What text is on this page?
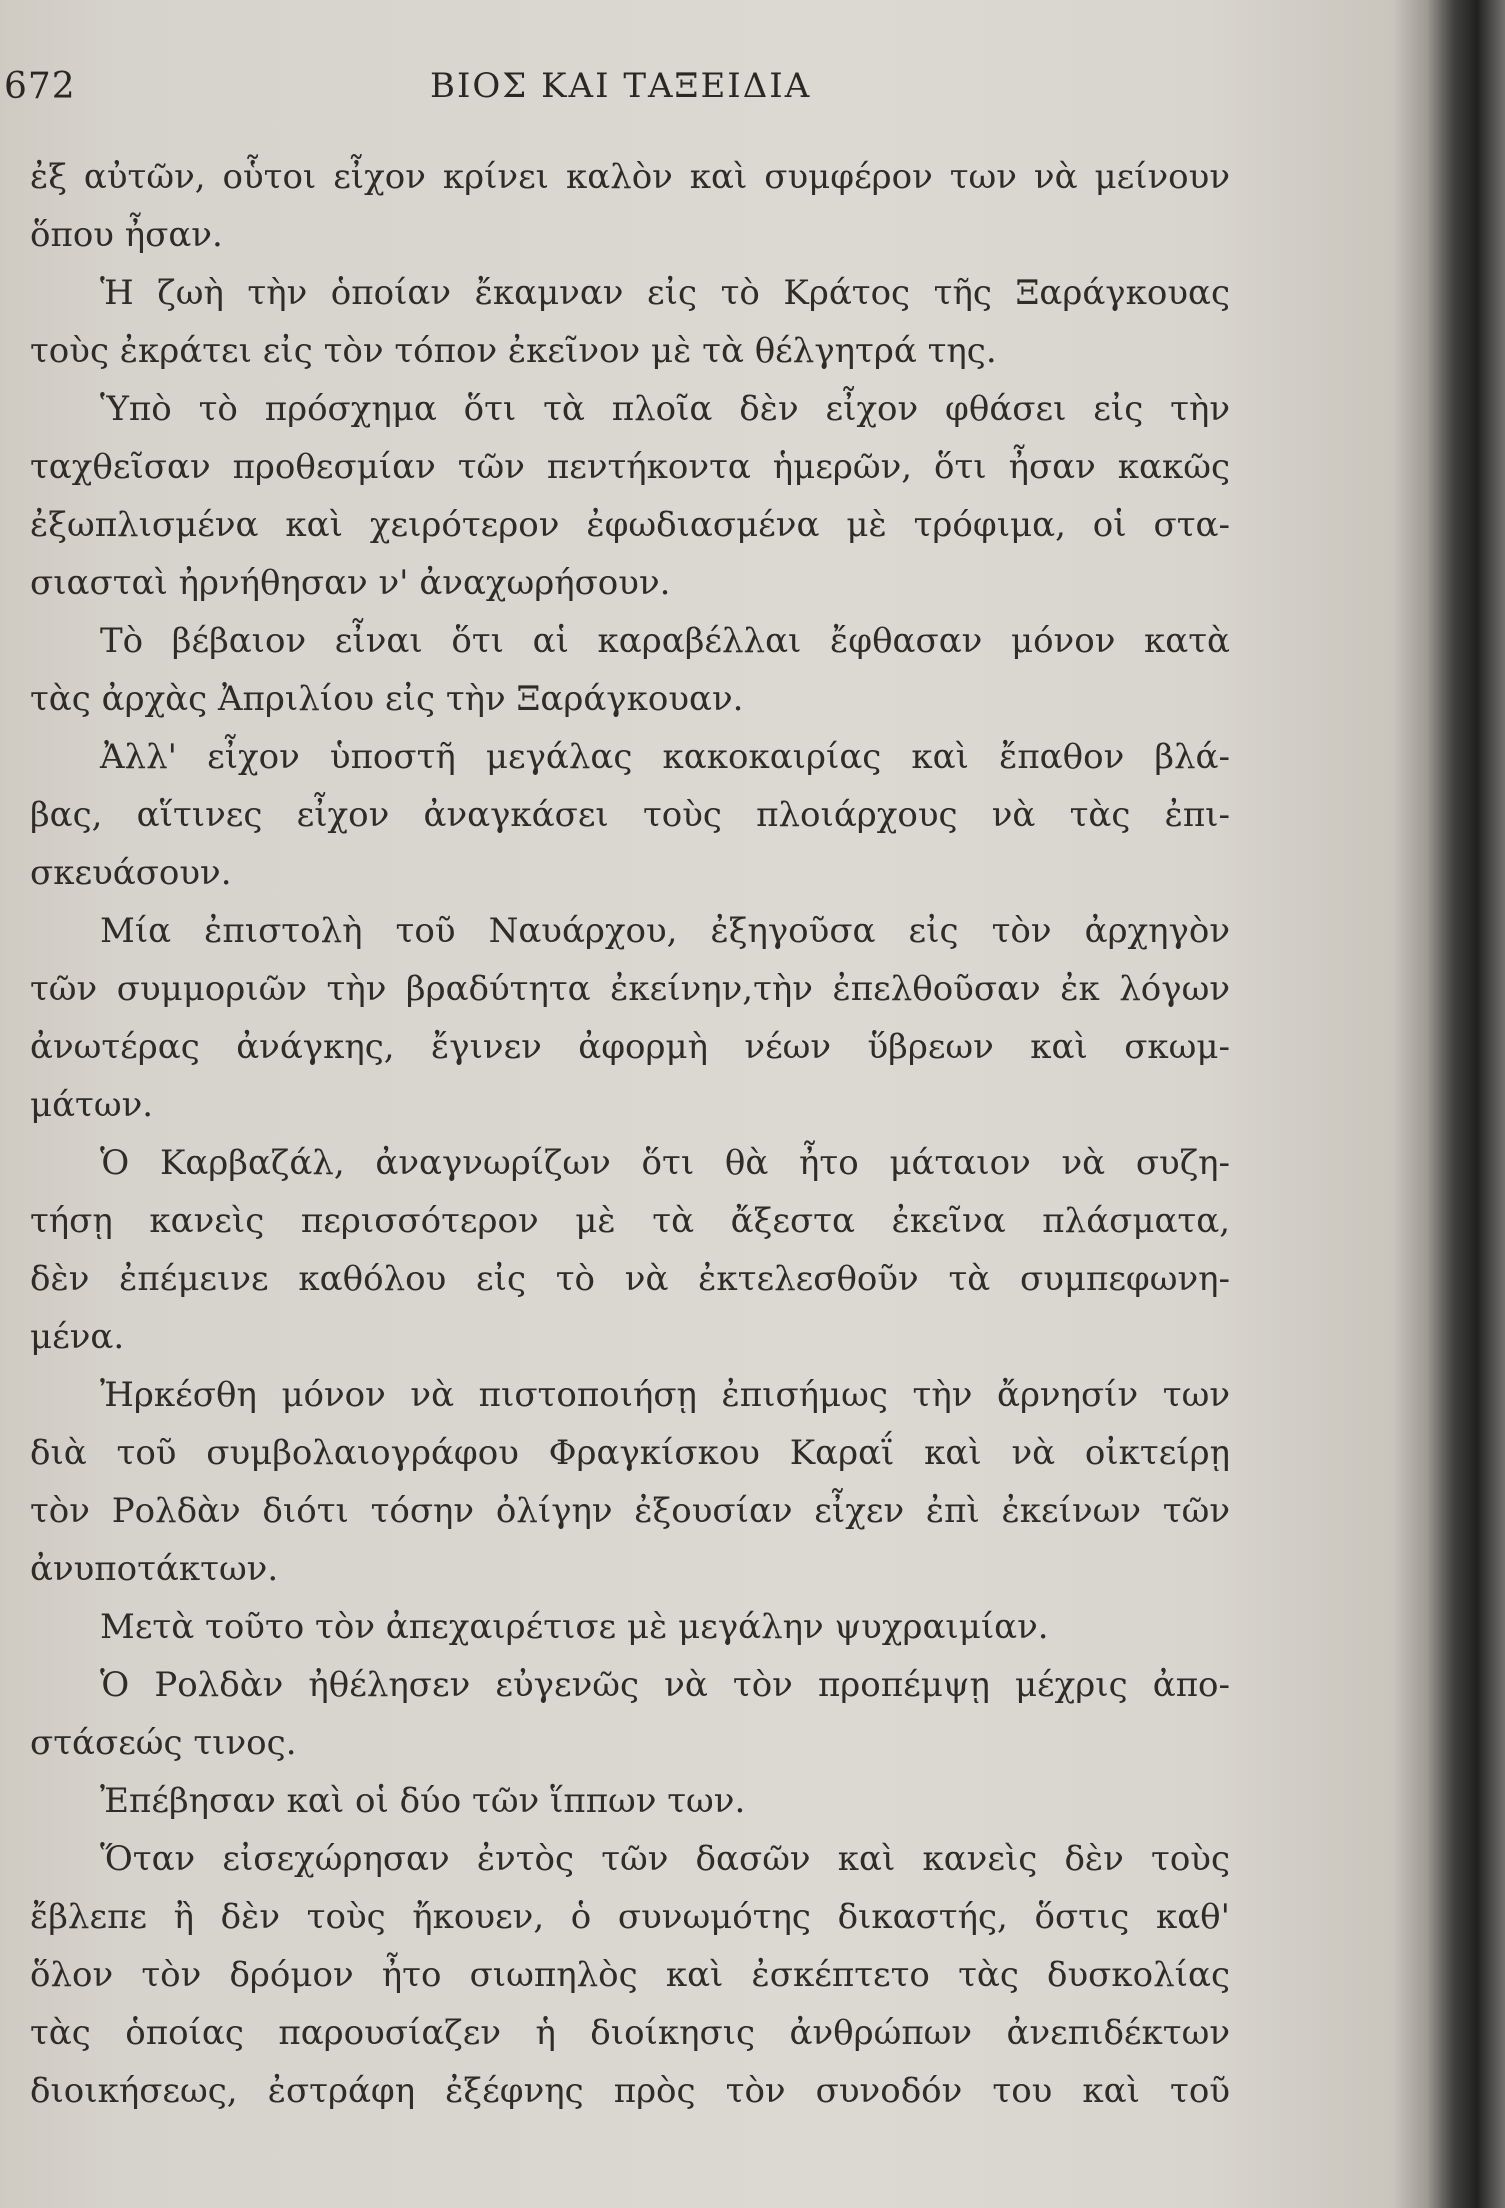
672	ΒΙΟΣ ΚΑΙ ΤΑΞΕΙΔΙΑ
ἐξ αὐτῶν, οὗτοι εἶχον κρίνει καλὸν καὶ συμφέρον των νὰ μείνουν
ὅπου ἦσαν.
Ἡ ζωὴ τὴν ὁποίαν ἔκαμναν εἰς τὸ Κράτος τῆς Ξαράγκουας
τοὺς ἐκράτει εἰς τὸν τόπον ἐκεῖνον μὲ τὰ θέλγητρά της.
Ὑπὸ τὸ πρόσχημα ὅτι τὰ πλοῖα δὲν εἶχον φθάσει εἰς τὴν
ταχθεῖσαν προθεσμίαν τῶν πεντήκοντα ἡμερῶν, ὅτι ἦσαν κακῶς
ἐξωπλισμένα καὶ χειρότερον ἐφωδιασμένα μὲ τρόφιμα, οἱ στα-
σιασταὶ ἠρνήθησαν ν' ἀναχωρήσουν.
Τὸ βέβαιον εἶναι ὅτι αἱ καραβέλλαι ἔφθασαν μόνον κατὰ
τὰς ἀρχὰς Ἀπριλίου εἰς τὴν Ξαράγκουαν.
Ἀλλ' εἶχον ὑποστῆ μεγάλας κακοκαιρίας καὶ ἔπαθον βλά-
βας, αἵτινες εἶχον ἀναγκάσει τοὺς πλοιάρχους νὰ τὰς ἐπι-
σκευάσουν.
Μία ἐπιστολὴ τοῦ Ναυάρχου, ἐξηγοῦσα εἰς τὸν ἀρχηγὸν
τῶν συμμοριῶν τὴν βραδύτητα ἐκείνην,τὴν ἐπελθοῦσαν ἐκ λόγων
ἀνωτέρας ἀνάγκης, ἔγινεν ἀφορμὴ νέων ὕβρεων καὶ σκωμ-
μάτων.
Ὁ Καρβαζάλ, ἀναγνωρίζων ὅτι θὰ ἦτο μάταιον νὰ συζη-
τήσῃ κανεὶς περισσότερον μὲ τὰ ἄξεστα ἐκεῖνα πλάσματα,
δὲν ἐπέμεινε καθόλου εἰς τὸ νὰ ἐκτελεσθοῦν τὰ συμπεφωνη-
μένα.
Ἠρκέσθη μόνον νὰ πιστοποιήσῃ ἐπισήμως τὴν ἄρνησίν των
διὰ τοῦ συμβολαιογράφου Φραγκίσκου Καραΐ καὶ νὰ οἰκτείρῃ
τὸν Ρολδὰν διότι τόσην ὀλίγην ἐξουσίαν εἶχεν ἐπὶ ἐκείνων τῶν
ἀνυποτάκτων.
Μετὰ τοῦτο τὸν ἀπεχαιρέτισε μὲ μεγάλην ψυχραιμίαν.
Ὁ Ρολδὰν ἠθέλησεν εὐγενῶς νὰ τὸν προπέμψῃ μέχρις ἀπο-
στάσεώς τινος.
Ἐπέβησαν καὶ οἱ δύο τῶν ἵππων των.
Ὅταν εἰσεχώρησαν ἐντὸς τῶν δασῶν καὶ κανεὶς δὲν τοὺς
ἔβλεπε ἢ δὲν τοὺς ἤκουεν, ὁ συνωμότης δικαστής, ὅστις καθ'
ὅλον τὸν δρόμον ἦτο σιωπηλὸς καὶ ἐσκέπτετο τὰς δυσκολίας
τὰς ὁποίας παρουσίαζεν ἡ διοίκησις ἀνθρώπων ἀνεπιδέκτων
διοικήσεως, ἐστράφη ἐξέφνης πρὸς τὸν συνοδόν του καὶ τοῦ
